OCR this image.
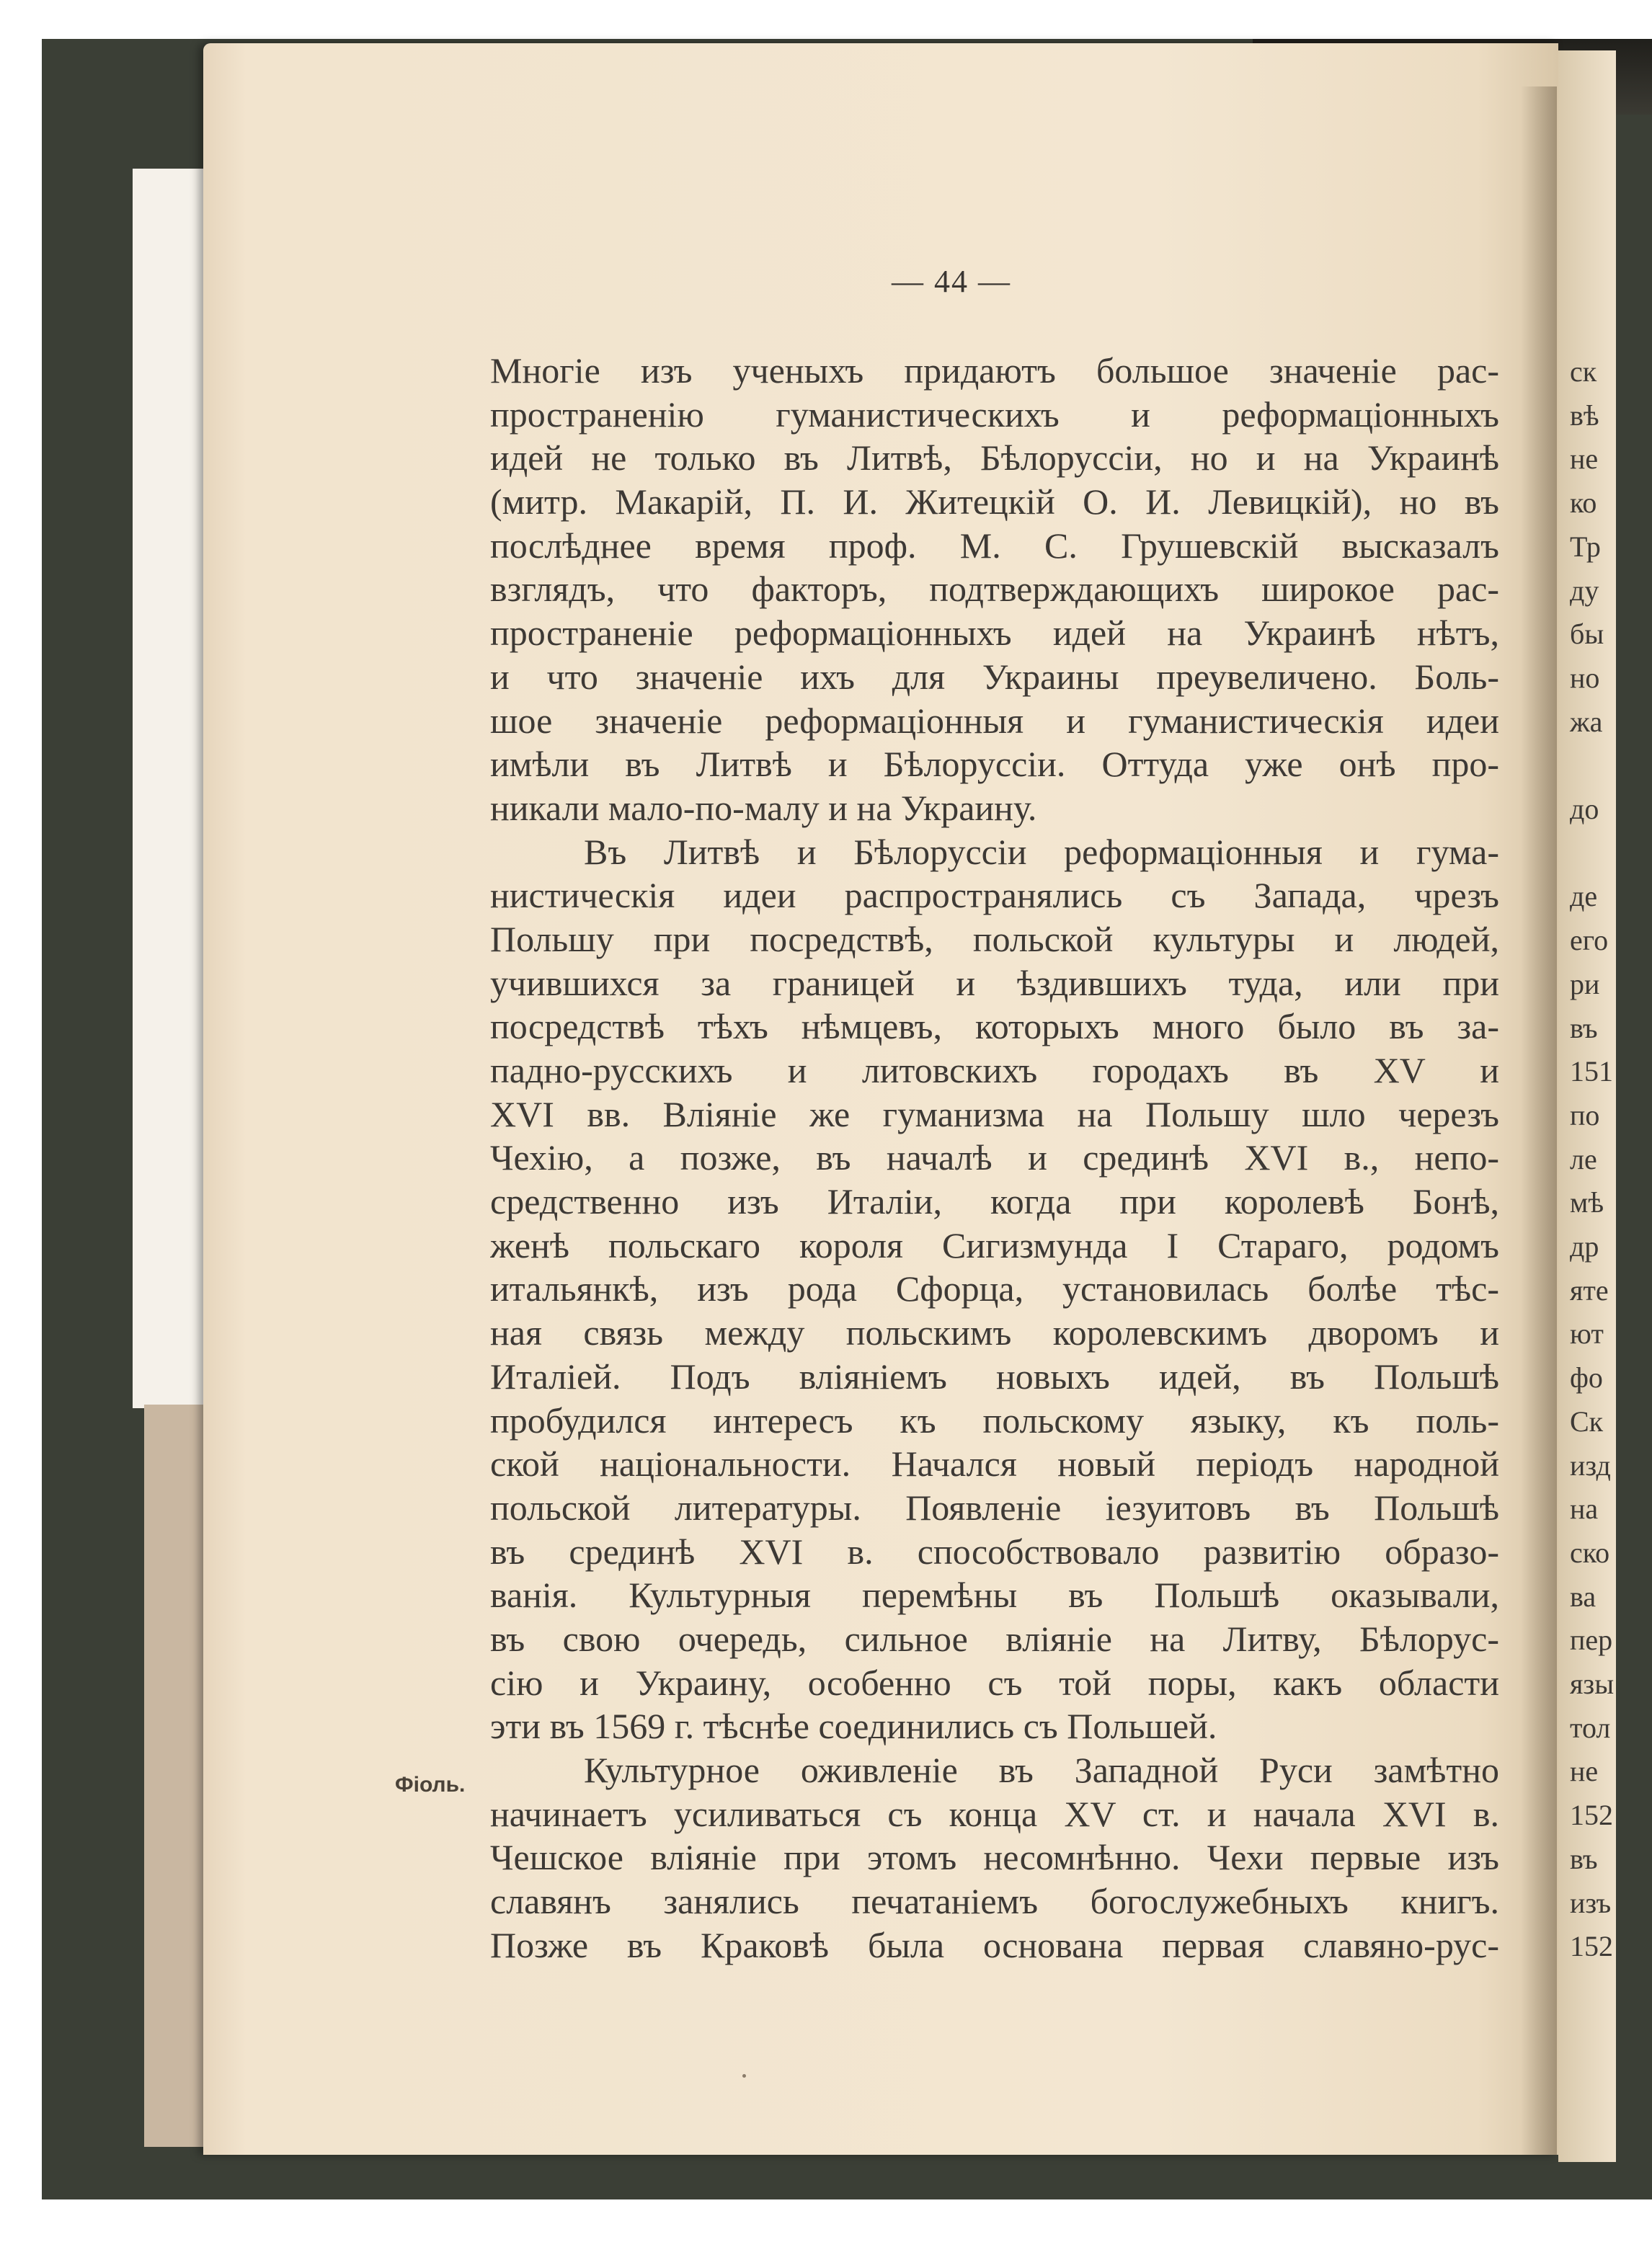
— 44 —
Фіоль.
Многіе изъ ученыхъ придаютъ большое значеніе рас-
пространенію гуманистическихъ и реформаціонныхъ
идей не только въ Литвѣ, Бѣлоруссіи, но и на Украинѣ
(митр. Макарій, П. И. Житецкій О. И. Левицкій), но въ
послѣднее время проф. М. С. Грушевскій высказалъ
взглядъ, что факторъ, подтверждающихъ широкое рас-
пространеніе реформаціонныхъ идей на Украинѣ нѣтъ,
и что значеніе ихъ для Украины преувеличено. Боль-
шое значеніе реформаціонныя и гуманистическія идеи
имѣли въ Литвѣ и Бѣлоруссіи. Оттуда уже онѣ про-
никали мало-по-малу и на Украину.
Въ Литвѣ и Бѣлоруссіи реформаціонныя и гума-
нистическія идеи распространялись съ Запада, чрезъ
Польшу при посредствѣ, польской культуры и людей,
учившихся за границей и ѣздившихъ туда, или при
посредствѣ тѣхъ нѣмцевъ, которыхъ много было въ за-
падно-русскихъ и литовскихъ городахъ въ XV и
XVI вв. Вліяніе же гуманизма на Польшу шло черезъ
Чехію, а позже, въ началѣ и срединѣ XVI в., непо-
средственно изъ Италіи, когда при королевѣ Бонѣ,
женѣ польскаго короля Сигизмунда I Стараго, родомъ
итальянкѣ, изъ рода Сфорца, установилась болѣе тѣс-
ная связь между польскимъ королевскимъ дворомъ и
Италіей. Подъ вліяніемъ новыхъ идей, въ Польшѣ
пробудился интересъ къ польскому языку, къ поль-
ской національности. Начался новый періодъ народной
польской литературы. Появленіе іезуитовъ въ Польшѣ
въ срединѣ XVI в. способствовало развитію образо-
ванія. Культурныя перемѣны въ Польшѣ оказывали,
въ свою очередь, сильное вліяніе на Литву, Бѣлорус-
сію и Украину, особенно съ той поры, какъ области
эти въ 1569 г. тѣснѣе соединились съ Польшей.
Культурное оживленіе въ Западной Руси замѣтно
начинаетъ усиливаться съ конца XV ст. и начала XVI в.
Чешское вліяніе при этомъ несомнѣнно. Чехи первые изъ
славянъ занялись печатаніемъ богослужебныхъ книгъ.
Позже въ Краковѣ была основана первая славяно-рус-
ск
вѣ
не
ко
Тр
ду
бы
но
жа
до
де
его
ри
въ
151
по
ле
мѣ
др
яте
ют
фо
Ск
изд
на
ско
ва
пер
язы
тол
не
152
въ
изъ
152
